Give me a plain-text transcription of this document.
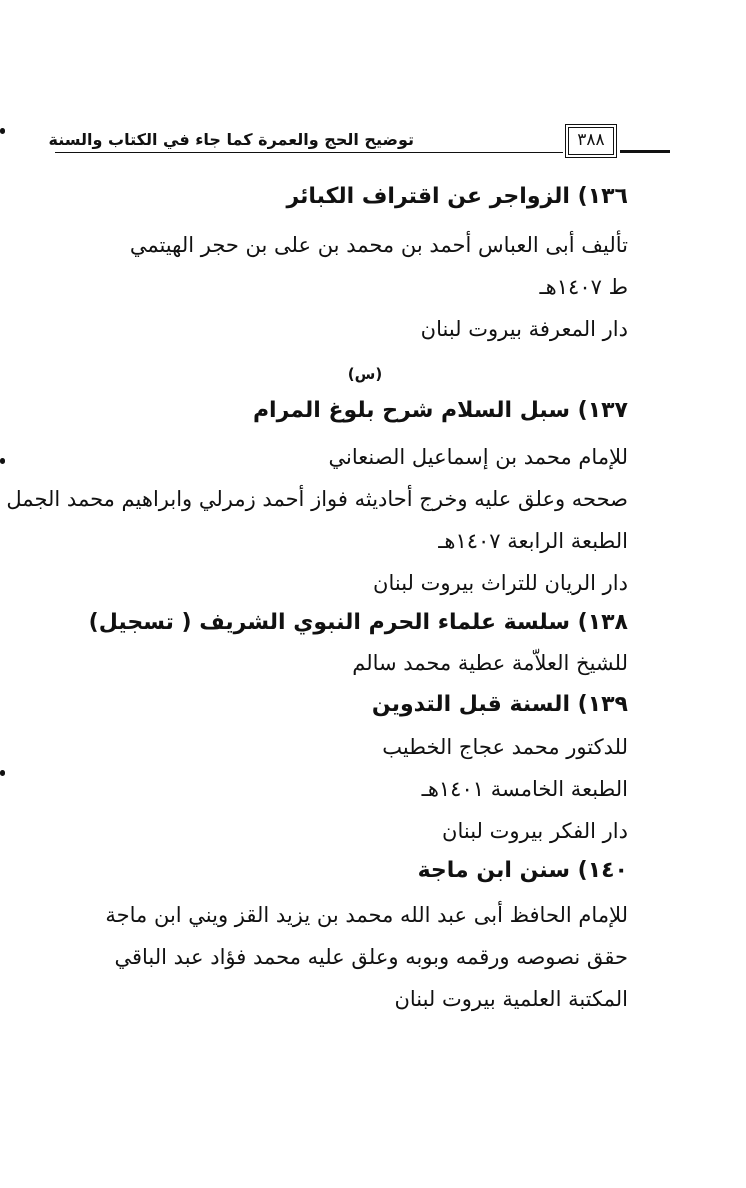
توضيح الحج والعمرة كما جاء في الكتاب والسنة	٣٨٨
١٣٦) الزواجر عن اقتراف الكبائر
تأليف أبى العباس أحمد بن محمد بن على بن حجر الهيتمي
ط ١٤٠٧هـ
دار المعرفة بيروت لبنان
(س)
١٣٧) سبل السلام شرح بلوغ المرام
للإمام محمد بن إسماعيل الصنعاني
صححه وعلق عليه وخرج أحاديثه فواز أحمد زمرلي وابراهيم محمد الجمل
الطبعة الرابعة ١٤٠٧هـ
دار الريان للتراث بيروت لبنان
١٣٨) سلسة علماء الحرم النبوي الشريف ( تسجيل)
للشيخ العلاّمة عطية محمد سالم
١٣٩) السنة قبل التدوين
للدكتور محمد عجاج الخطيب
الطبعة الخامسة ١٤٠١هـ
دار الفكر بيروت لبنان
١٤٠) سنن ابن ماجة
للإمام الحافظ أبى عبد الله محمد بن يزيد القز ويني ابن ماجة
حقق نصوصه ورقمه وبوبه وعلق عليه محمد فؤاد عبد الباقي
المكتبة العلمية بيروت لبنان
